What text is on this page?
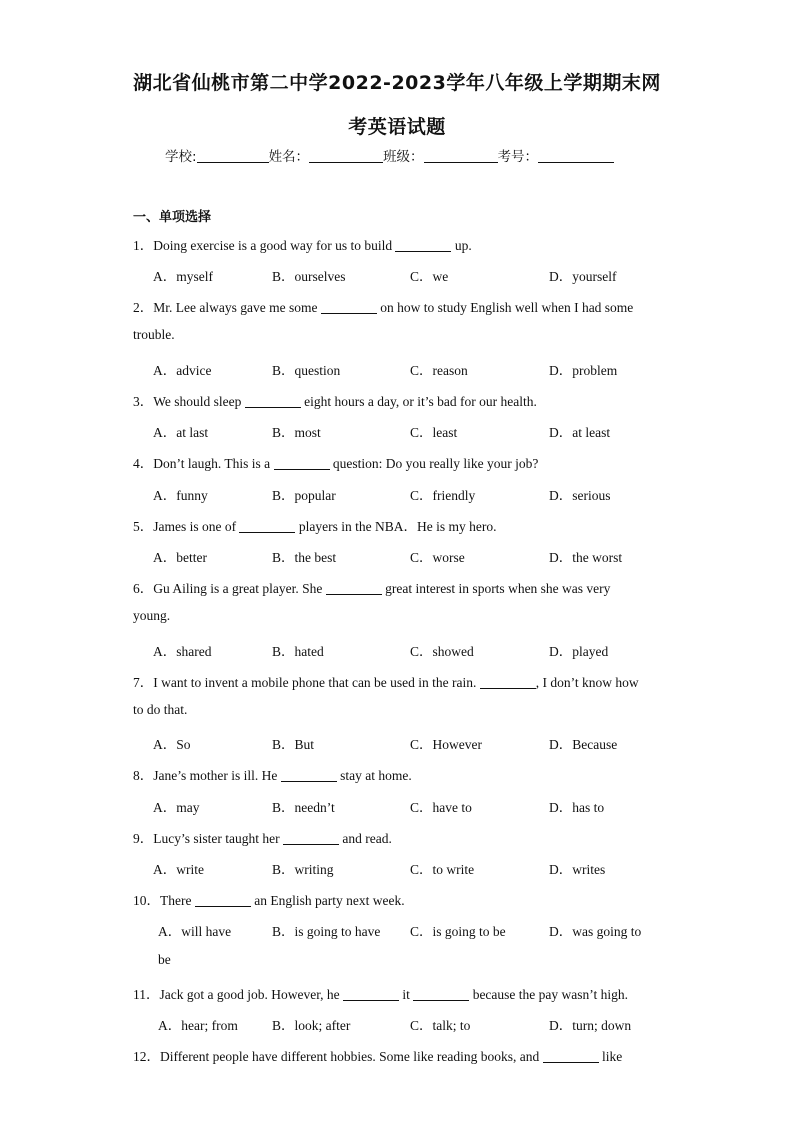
湖北省仙桃市第二中学2022-2023学年八年级上学期期末网
考英语试题
学校:	姓名：	班级：	考号：
一、单项选择
1．Doing exercise is a good way for us to build	up.
A．myself	B．ourselves	C．we	D．yourself
2．Mr. Lee always gave me some	on how to study English well when I had some
trouble.
A．advice	B．question	C．reason	D．problem
3．We should sleep	eight hours a day, or it’s bad for our health.
A．at last	B．most	C．least	D．at least
4．Don’t laugh. This is a	question: Do you really like your job?
A．funny	B．popular	C．friendly	D．serious
5．James is one of	players in the NBA．He is my hero.
A．better	B．the best	C．worse	D．the worst
6．Gu Ailing is a great player. She	great interest in sports when she was very
young.
A．shared	B．hated	C．showed	D．played
7．I want to invent a mobile phone that can be used in the rain.	, I don’t know how
to do that.
A．So	B．But	C．However	D．Because
8．Jane’s mother is ill. He	stay at home.
A．may	B．needn’t	C．have to	D．has to
9．Lucy’s sister taught her	and read.
A．write	B．writing	C．to write	D．writes
10．There	an English party next week.
A．will have	B．is going to have C．is going to be	D．was going to
be
11．Jack got a good job. However, he	it	because the pay wasn’t high.
A．hear; from	B．look; after	C．talk; to	D．turn; down
12．Different people have different hobbies. Some like reading books, and	like
